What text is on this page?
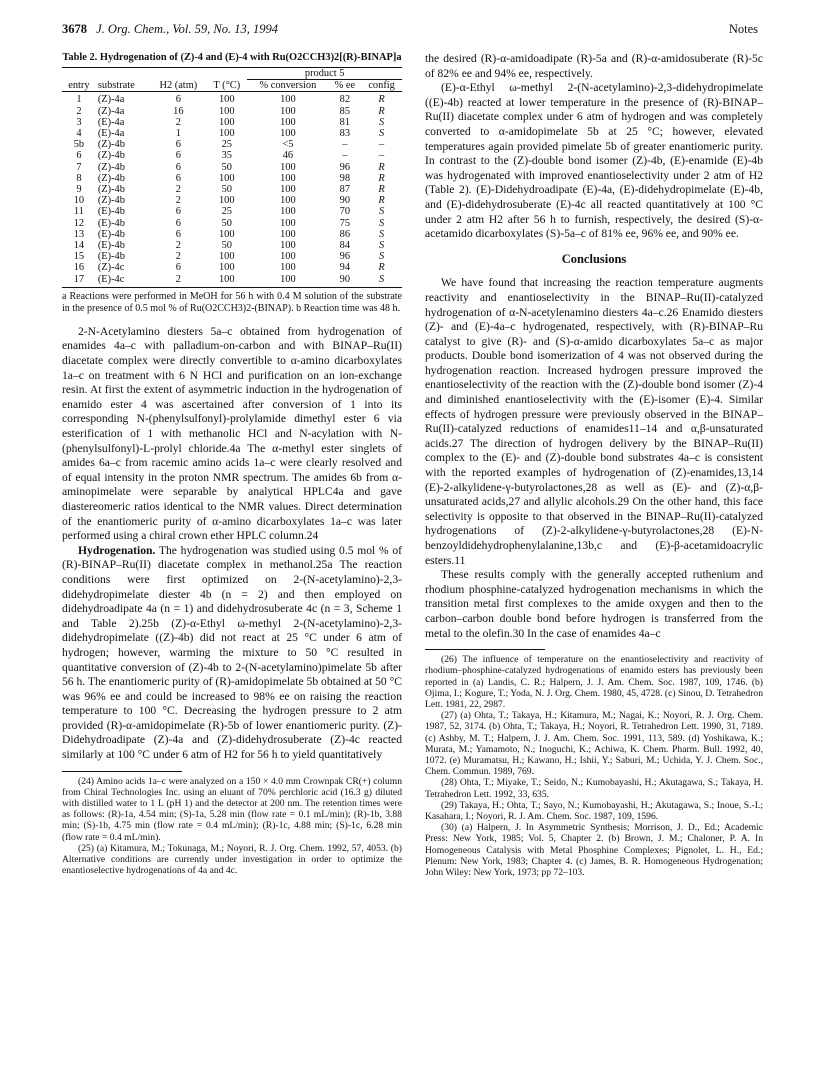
3678 J. Org. Chem., Vol. 59, No. 13, 1994	Notes
Table 2. Hydrogenation of (Z)-4 and (E)-4 with Ru(O2CCH3)2[(R)-BINAP]a
				product 5		
entry	substrate	H2 (atm)	T (°C)	% conversion	% ee	config
1	(Z)-4a	6	100	100	82	R
2	(Z)-4a	16	100	100	85	R
3	(E)-4a	2	100	100	81	S
4	(E)-4a	1	100	100	83	S
5b	(Z)-4b	6	25	<5	–	–
6	(Z)-4b	6	35	46	–	–
7	(Z)-4b	6	50	100	96	R
8	(Z)-4b	6	100	100	98	R
9	(Z)-4b	2	50	100	87	R
10	(Z)-4b	2	100	100	90	R
11	(E)-4b	6	25	100	70	S
12	(E)-4b	6	50	100	75	S
13	(E)-4b	6	100	100	86	S
14	(E)-4b	2	50	100	84	S
15	(E)-4b	2	100	100	96	S
16	(Z)-4c	6	100	100	94	R
17	(E)-4c	2	100	100	90	S
a Reactions were performed in MeOH for 56 h with 0.4 M solution of the substrate in the presence of 0.5 mol % of Ru(O2CCH3)2-(BINAP). b Reaction time was 48 h.

2-N-Acetylamino diesters 5a–c obtained from hydrogenation of enamides 4a–c with palladium-on-carbon and with BINAP–Ru(II) diacetate complex were directly convertible to α-amino dicarboxylates 1a–c on treatment with 6 N HCl and purification on an ion-exchange resin. At first the extent of asymmetric induction in the hydrogenation of enamido ester 4 was ascertained after conversion of 1 into its corresponding N-(phenylsulfonyl)-prolylamide dimethyl ester 6 via esterification of 1 with methanolic HCl and N-acylation with N-(phenylsulfonyl)-L-prolyl chloride.4a The α-methyl ester singlets of amides 6a–c from racemic amino acids 1a–c were clearly resolved and of equal intensity in the proton NMR spectrum. The amides 6b from α-aminopimelate were separable by analytical HPLC4a and gave diastereomeric ratios identical to the NMR values. Direct determination of the enantiomeric purity of α-amino dicarboxylates 1a–c was later performed using a chiral crown ether HPLC column.24

Hydrogenation. The hydrogenation was studied using 0.5 mol % of (R)-BINAP–Ru(II) diacetate complex in methanol.25a The reaction conditions were first optimized on 2-(N-acetylamino)-2,3-didehydropimelate diester 4b (n = 2) and then employed on didehydroadipate 4a (n = 1) and didehydrosuberate 4c (n = 3, Scheme 1 and Table 2).25b (Z)-α-Ethyl ω-methyl 2-(N-acetylamino)-2,3-didehydropimelate ((Z)-4b) did not react at 25 °C under 6 atm of hydrogen; however, warming the mixture to 50 °C resulted in quantitative conversion of (Z)-4b to 2-(N-acetylamino)pimelate 5b after 56 h. The enantiomeric purity of (R)-amidopimelate 5b obtained at 50 °C was 96% ee and could be increased to 98% ee on raising the reaction temperature to 100 °C. Decreasing the hydrogen pressure to 2 atm provided (R)-α-amidopimelate (R)-5b of lower enantiomeric purity. (Z)-Didehydroadipate (Z)-4a and (Z)-didehydrosuberate (Z)-4c reacted similarly at 100 °C under 6 atm of H2 for 56 h to yield quantitatively

(24) Amino acids 1a–c were analyzed on a 150 × 4.0 mm Crownpak CR(+) column from Chiral Technologies Inc. using an eluant of 70% perchloric acid (16.3 g) diluted with distilled water to 1 L (pH 1) and the detector at 200 nm. The retention times were as follows: (R)-1a, 4.54 min; (S)-1a, 5.28 min (flow rate = 0.1 mL/min); (R)-1b, 3.88 min; (S)-1b, 4.75 min (flow rate = 0.4 mL/min); (R)-1c, 4.88 min; (S)-1c, 6.28 min (flow rate = 0.4 mL/min).

(25) (a) Kitamura, M.; Tokunaga, M.; Noyori, R. J. Org. Chem. 1992, 57, 4053. (b) Alternative conditions are currently under investigation in order to optimize the enantioselective hydrogenations of 4a and 4c.

the desired (R)-α-amidoadipate (R)-5a and (R)-α-amidosuberate (R)-5c of 82% ee and 94% ee, respectively.

(E)-α-Ethyl ω-methyl 2-(N-acetylamino)-2,3-didehydropimelate ((E)-4b) reacted at lower temperature in the presence of (R)-BINAP–Ru(II) diacetate complex under 6 atm of hydrogen and was completely converted to α-amidopimelate 5b at 25 °C; however, elevated temperatures again provided pimelate 5b of greater enantiomeric purity. In contrast to the (Z)-double bond isomer (Z)-4b, (E)-enamide (E)-4b was hydrogenated with improved enantioselectivity under 2 atm of H2 (Table 2). (E)-Didehydroadipate (E)-4a, (E)-didehydropimelate (E)-4b, and (E)-didehydrosuberate (E)-4c all reacted quantitatively at 100 °C under 2 atm H2 after 56 h to furnish, respectively, the desired (S)-α-acetamido dicarboxylates (S)-5a–c of 81% ee, 96% ee, and 90% ee.

Conclusions

We have found that increasing the reaction temperature augments reactivity and enantioselectivity in the BINAP–Ru(II)-catalyzed hydrogenation of α-N-acetylenamino diesters 4a–c.26 Enamido diesters (Z)- and (E)-4a–c hydrogenated, respectively, with (R)-BINAP–Ru catalyst to give (R)- and (S)-α-amido dicarboxylates 5a–c as major products. Double bond isomerization of 4 was not observed during the hydrogenation reaction. Increased hydrogen pressure improved the enantioselectivity of the reaction with the (Z)-double bond isomer (Z)-4 and diminished enantioselectivity with the (E)-isomer (E)-4. Similar effects of hydrogen pressure were previously observed in the BINAP–Ru(II)-catalyzed reductions of enamides11–14 and α,β-unsaturated acids.27 The direction of hydrogen delivery by the BINAP–Ru(II) complex to the (E)- and (Z)-double bond substrates 4a–c is consistent with the reported examples of hydrogenation of (Z)-enamides,13,14 (E)-2-alkylidene-γ-butyrolactones,28 as well as (E)- and (Z)-α,β-unsaturated acids,27 and allylic alcohols.29 On the other hand, this face selectivity is opposite to that observed in the BINAP–Ru(II)-catalyzed hydrogenations of (Z)-2-alkylidene-γ-butyrolactones,28 (E)-N-benzoyldidehydrophenylalanine,13b,c and (E)-β-acetamidoacrylic esters.11

These results comply with the generally accepted ruthenium and rhodium phosphine-catalyzed hydrogenation mechanisms in which the transition metal first complexes to the amide oxygen and then to the carbon–carbon double bond before hydrogen is transferred from the metal to the olefin.30 In the case of enamides 4a–c

(26) The influence of temperature on the enantioselectivity and reactivity of rhodium–phosphine-catalyzed hydrogenations of enamido esters has previously been reported in (a) Landis, C. R.; Halpern, J. J. Am. Chem. Soc. 1987, 109, 1746. (b) Ojima, I.; Kogure, T.; Yoda, N. J. Org. Chem. 1980, 45, 4728. (c) Sinou, D. Tetrahedron Lett. 1981, 22, 2987.

(27) (a) Ohta, T.; Takaya, H.; Kitamura, M.; Nagai, K.; Noyori, R. J. Org. Chem. 1987, 52, 3174. (b) Ohta, T.; Takaya, H.; Noyori, R. Tetrahedron Lett. 1990, 31, 7189. (c) Ashby, M. T.; Halpern, J. J. Am. Chem. Soc. 1991, 113, 589. (d) Yoshikawa, K.; Murata, M.; Yamamoto, N.; Inoguchi, K.; Achiwa, K. Chem. Pharm. Bull. 1992, 40, 1072. (e) Muramatsu, H.; Kawano, H.; Ishii, Y.; Saburi, M.; Uchida, Y. J. Chem. Soc., Chem. Commun. 1989, 769.

(28) Ohta, T.; Miyake, T.; Seido, N.; Kumobayashi, H.; Akutagawa, S.; Takaya, H. Tetrahedron Lett. 1992, 33, 635.

(29) Takaya, H.; Ohta, T.; Sayo, N.; Kumobayashi, H.; Akutagawa, S.; Inoue, S.-I.; Kasahara, I.; Noyori, R. J. Am. Chem. Soc. 1987, 109, 1596.

(30) (a) Halpern, J. In Asymmetric Synthesis; Morrison, J. D., Ed.; Academic Press: New York, 1985; Vol. 5, Chapter 2. (b) Brown, J. M.; Chaloner, P. A. In Homogeneous Catalysis with Metal Phosphine Complexes; Pignolet, L. H., Ed.; Plenum: New York, 1983; Chapter 4. (c) James, B. R. Homogeneous Hydrogenation; John Wiley: New York, 1973; pp 72–103.
